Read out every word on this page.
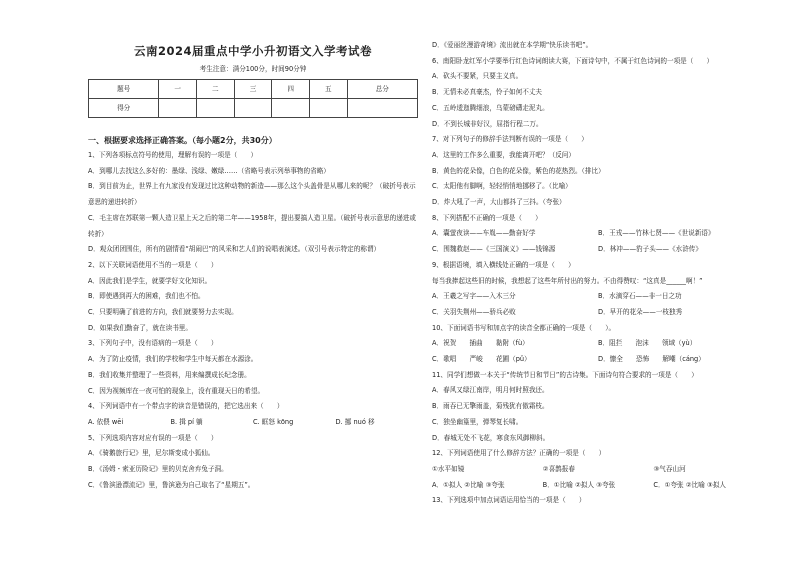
云南2024届重点中学小升初语文入学考试卷
考生注意：满分100分，时间90分钟
题号	一	二	三	四	五	总分
得分						
一、根据要求选择正确答案。（每小题2分，共30分）
1、下列各项标点符号的使用，理解有误的一项是（　　）
A．到哪儿去找这么多好的：墨绿、浅绿、嫩绿……（省略号表示列举事物的省略）
B．到目前为止，世界上有九家没有发现过比这种动物的新造——那么这个头盖骨是从哪儿来的呢？（破折号表示意思的递进转折）
C．毛主席在苏联第一颗人造卫星上天之后的第二年——1958年，提出要搞人造卫星。（破折号表示意思的递进或转折）
D．观众团团围住，所有的剧情看“胡闹巴”的风采和艺人们的说唱表演述。（双引号表示特定的称谓）
2、以下关联词语使用不当的一项是（　　）
A．因此我们是学生，就要学好文化知识。
B．即使遇到再大的困难，我们也不怕。
C．只要明确了前进的方向，我们就要努力去实现。
D．如果我们勤奋了，就在读书里。
3、下列句子中，没有语病的一项是（　　）
A．为了防止疫情，我们的学校和学生中每天都在水源涂。
B．我们收集并整理了一些资料，用来编撰成长纪念册。
C．因为视频库在一夜可怕的现象上，没有重现天日的希望。
4、下列词语中有一个带点字的读音是错误的，把它选出来（　　）
A. 依偎 wēi	B. 揖 pí 躺	C. 眶怒 kōng	D. 挪 nuó 移
5、下列选项内容对应有误的一项是（　　）
A．《骑鹅旅行记》里，尼尔斯变成小狐仙。
B．《汤姆・索亚历险记》里的贝克舍弃兔子洞。
C．《鲁滨逊漂流记》里，鲁滨逊为自己取名了“星期五”。
D．《爱丽丝漫游奇境》流出就在本学期“快乐读书吧”。
6、南阳卧龙红军小学要举行红色诗词朗读大赛，下面诗句中，不属于红色诗词的一项是（　　）
A．砍头不要紧，只要主义真。
B．无情未必真豪杰，怜子如何不丈夫
C．五岭逶迤腾细浪，乌蒙磅礴走泥丸。
D．不到长城非好汉，屈指行程二万。
7、对下列句子的修辞手法判断有误的一项是（　　）
A．这里的工作多么重要，我能离开吧？（反问）
B．黄色的花朵像，白色的花朵像，紫色的花热烈。（排比）
C．太阳他有脚啊，轻轻悄悄地挪移了。（比喻）
D．炸大吼了一声，大山都抖了三抖。（夸张）
8、下列搭配不正确的一项是（　　）
A．囊萤夜读——车胤——勤奋好学	B．王戎——竹林七贤——《世说新语》
C．围魏救赵——《三国演义》——钱锦源	D．林冲——豹子头——《水浒传》
9、根据语境，填入横线处正确的一项是（　　）
每当我捧起这些旧的时候，我想起了这些年所付出的努力。不由得赞叹：“这真是______啊！”
A．王羲之写字——入木三分	B．水滴穿石——非一日之功
C．关羽失荆州——骄兵必败	D．早开的花朵——一枝独秀
10、下面词语书写和加点字的读音全都正确的一项是（　　）。
A．祝贺　　插曲　　黏附（fù）	B．阻拦　　泡沫　　领域（yù）
C．歌唱　　严峻　　花圃（pǔ）	D．慷全　　恐怖　　解嘲（cáng）
11、同学们想做一本关于“传统节日和节日”的古诗集。下面诗句符合要求的一项是（　　）
A．春风又绿江南岸，明月何时照我还。
B．雨吞已无擎雨盖，菊残犹有傲霜枝。
C．独坐幽篁里，弹琴复长啸。
D．春城无处不飞花，寒食东风御柳斜。
12、下列词语使用了什么修辞方法？正确的一项是（　　）
①水平如镜	②喜鹊报春	③气吞山河
A．①拟人 ②比喻 ③夸张	B．①比喻 ②拟人 ③夸张	C．①夸张 ②比喻 ③拟人
13、下列选项中加点词语运用恰当的一项是（　　）
